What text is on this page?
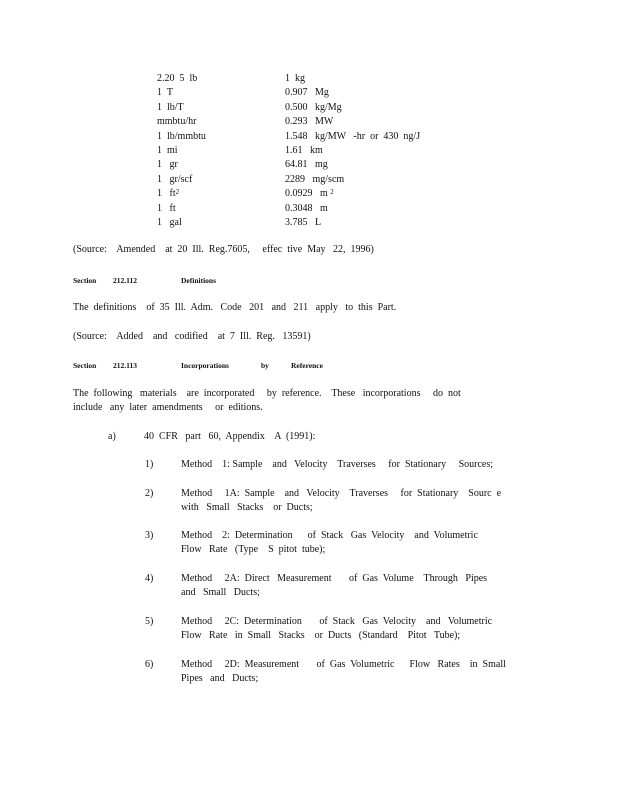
2.20  5  lb	1  kg
1  T	0.907   Mg
1  lb/T	0.500   kg/Mg
mmbtu/hr	0.293   MW
1  lb/mmbtu	1.548   kg/MW   -hr  or  430  ng/J
1  mi	1.61   km
1   gr	64.81   mg
1   gr/scf	2289   mg/scm
1   $ft^2$	0.0929   m $^2$
1   ft	0.3048   m
1   gal	3.785   L
(Source:    Amended    at  20  Ill.  Reg.7605,     effec  tive  May   22,  1996)
Section 212.112	Definitions
The  definitions    of  35  Ill.  Adm.   Code   201   and   211   apply   to  this  Part.
(Source:    Added    and   codified    at  7  Ill.  Reg.   13591)
Section 212.113	Incorporations	by	Reference
The  following   materials    are  incorporated     by  reference.    These   incorporations     do  not
include   any  later  amendments     or  editions.
a)	40  CFR   part   60,  Appendix    A  (1991):
1)	Method    1: Sample    and   Velocity    Traverses     for  Stationary     Sources;
2)	Method     1A:  Sample    and   Velocity    Traverses     for  Stationary    Sourc  e
with   Small   Stacks    or  Ducts;
3)	Method    2:  Determination      of  Stack   Gas  Velocity    and  Volumetric
Flow   Rate   (Type    S  pitot  tube);
4)	Method     2A:  Direct   Measurement       of  Gas  Volume    Through   Pipes
and   Small   Ducts;
5)	Method     2C:  Determination       of  Stack   Gas  Velocity    and   Volumetric
Flow   Rate   in  Small   Stacks    or  Ducts   (Standard    Pitot   Tube);
6)	Method     2D:  Measurement       of  Gas  Volumetric      Flow   Rates    in  Small
Pipes   and   Ducts;
